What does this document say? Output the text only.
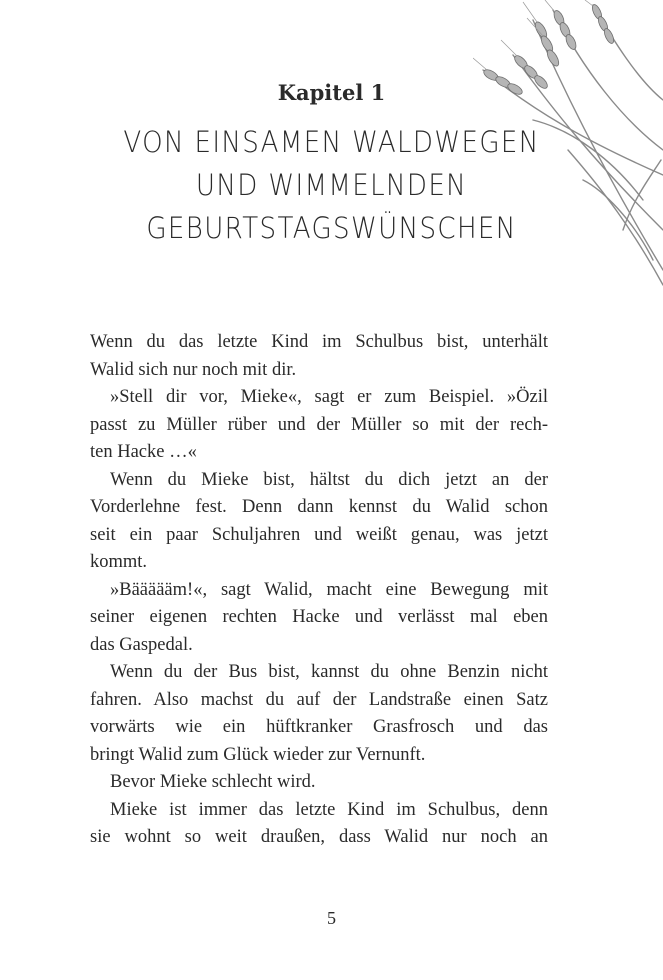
Kapitel 1
VON EINSAMEN WALDWEGEN
UND WIMMELNDEN
GEBURTSTAGSWÜNSCHEN
Wenn du das letzte Kind im Schulbus bist, unterhält
Walid sich nur noch mit dir.
»Stell dir vor, Mieke«, sagt er zum Beispiel. »Özil
passt zu Müller rüber und der Müller so mit der rech-
ten Hacke …«
Wenn du Mieke bist, hältst du dich jetzt an der
Vorderlehne fest. Denn dann kennst du Walid schon
seit ein paar Schuljahren und weißt genau, was jetzt
kommt.
»Bäääääm!«, sagt Walid, macht eine Bewegung mit
seiner eigenen rechten Hacke und verlässt mal eben
das Gaspedal.
Wenn du der Bus bist, kannst du ohne Benzin nicht
fahren. Also machst du auf der Landstraße einen Satz
vorwärts wie ein hüftkranker Grasfrosch und das
bringt Walid zum Glück wieder zur Vernunft.
Bevor Mieke schlecht wird.
Mieke ist immer das letzte Kind im Schulbus, denn
sie wohnt so weit draußen, dass Walid nur noch an
5
